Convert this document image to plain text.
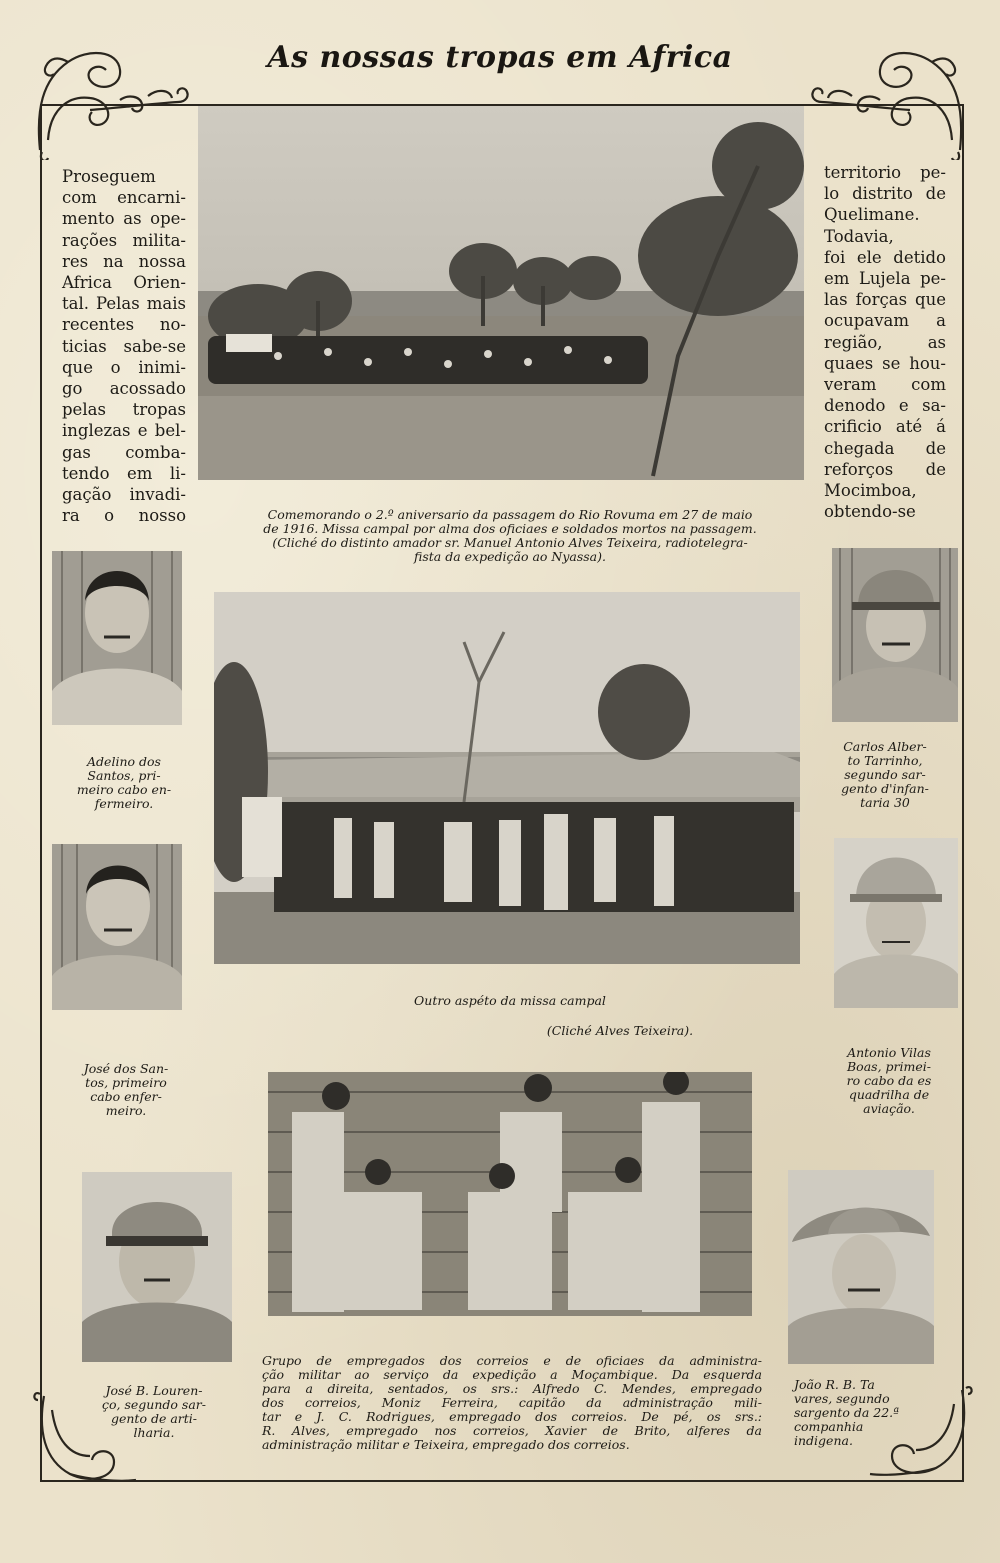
As nossas tropas em Africa
Proseguem
com encarni-
mento as ope-
rações milita-
res na nossa
Africa Orien-
tal. Pelas mais
recentes no-
ticias sabe-se
que o inimi-
go acossado
pelas tropas
inglezas e bel-
gas comba-
tendo em li-
gação invadi-
ra o nosso
territorio pe-
lo distrito de
Quelimane.
Todavia,
foi ele detido
em Lujela pe-
las forças que
ocupavam a
região, as
quaes se hou-
veram com
denodo e sa-
crificio até á
chegada de
reforços de
Mocimboa,
obtendo-se
Comemorando o 2.º aniversario da passagem do Rio Rovuma em 27 de maio
de 1916. Missa campal por alma dos oficiaes e soldados mortos na passagem.
(Cliché do distinto amador sr. Manuel Antonio Alves Teixeira, radiotelegra-
fista da expedição ao Nyassa).
Outro aspéto da missa campal
(Cliché Alves Teixeira).
Grupo de empregados dos correios e de oficiaes da administra-
ção militar ao serviço da expedição a Moçambique. Da esquerda
para a direita, sentados, os srs.: Alfredo C. Mendes, empregado
dos correios, Moniz Ferreira, capitão da administração mili-
tar e J. C. Rodrigues, empregado dos correios. De pé, os srs.:
R. Alves, empregado nos correios, Xavier de Brito, alferes da
administração militar e Teixeira, empregado dos correios.
Adelino dos
Santos, pri-
meiro cabo en-
fermeiro.
José dos San-
tos, primeiro
cabo enfer-
meiro.
José B. Louren-
ço, segundo sar-
gento de arti-
lharia.
Carlos Alber-
to Tarrinho,
segundo sar-
gento d'infan-
taria 30
Antonio Vilas
Boas, primei-
ro cabo da es
quadrilha de
aviação.
João R. B. Ta
vares, segundo
sargento da 22.ª
companhia
indigena.
